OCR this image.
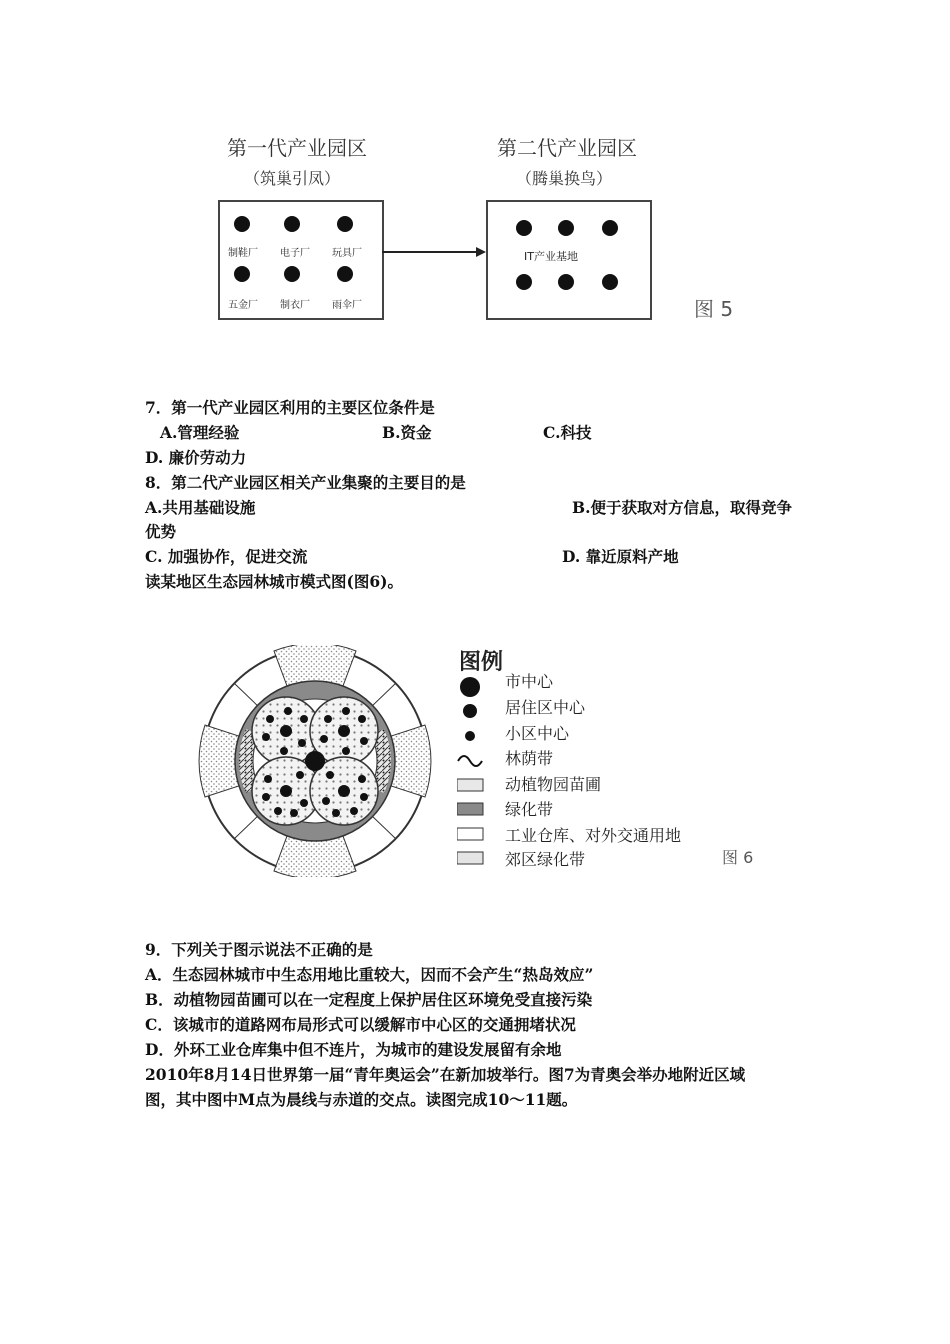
第一代产业园区
（筑巢引凤）
第二代产业园区
（腾巢换鸟）
制鞋厂 电子厂 玩具厂
五金厂 制衣厂 雨伞厂
IT产业基地
图 5
7．第一代产业园区利用的主要区位条件是
A.管理经验	B.资金	C.科技
D. 廉价劳动力
8．第二代产业园区相关产业集聚的主要目的是
A.共用基础设施	B.便于获取对方信息，取得竞争
优势
C. 加强协作，促进交流	D. 靠近原料产地
读某地区生态园林城市模式图(图6)。
图例
市中心
居住区中心
小区中心
林荫带
动植物园苗圃
绿化带
工业仓库、对外交通用地
郊区绿化带	图 6
9．下列关于图示说法不正确的是
A．生态园林城市中生态用地比重较大，因而不会产生“热岛效应”
B．动植物园苗圃可以在一定程度上保护居住区环境免受直接污染
C．该城市的道路网布局形式可以缓解市中心区的交通拥堵状况
D．外环工业仓库集中但不连片，为城市的建设发展留有余地
2010年8月14日世界第一届“青年奥运会”在新加坡举行。图7为青奥会举办地附近区域
图，其中图中M点为晨线与赤道的交点。读图完成10～11题。
